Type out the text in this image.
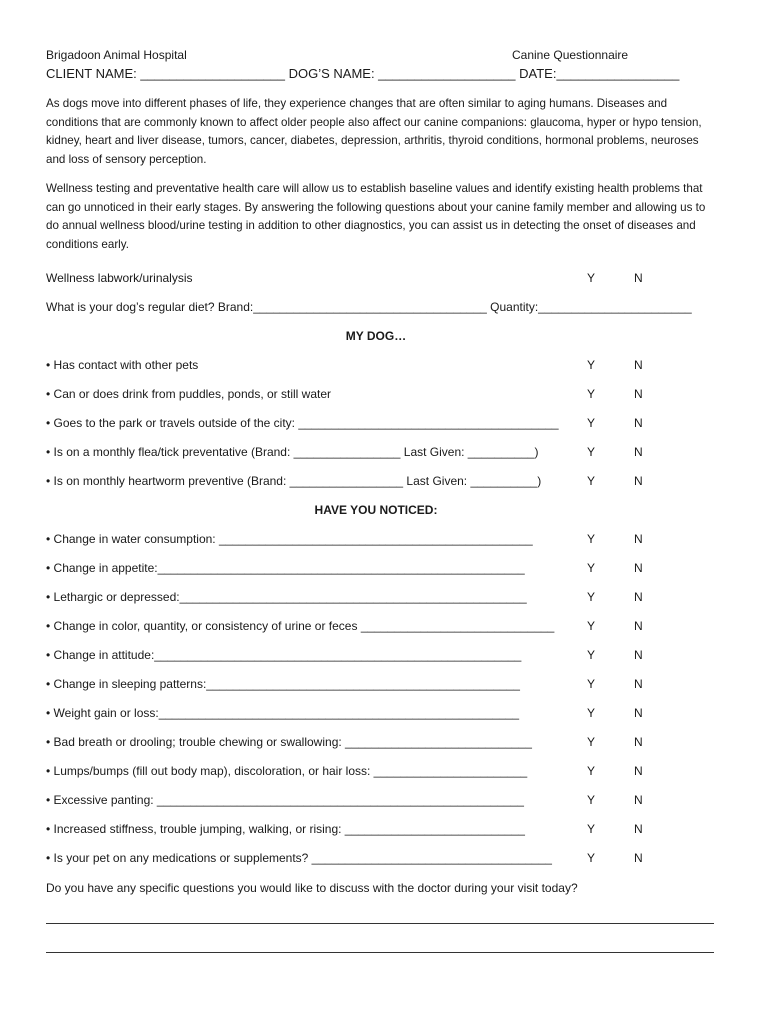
Brigadoon Animal Hospital	Canine Questionnaire
CLIENT NAME: ____________________ DOG’S NAME: ___________________ DATE:_________________

As dogs move into different phases of life, they experience changes that are often similar to aging humans. Diseases and conditions that are commonly known to affect older people also affect our canine companions: glaucoma, hyper or hypo tension, kidney, heart and liver disease, tumors, cancer, diabetes, depression, arthritis, thyroid conditions, hormonal problems, neuroses and loss of sensory perception.

Wellness testing and preventative health care will allow us to establish baseline values and identify existing health problems that can go unnoticed in their early stages. By answering the following questions about your canine family member and allowing us to do annual wellness blood/urine testing in addition to other diagnostics, you can assist us in detecting the onset of diseases and conditions early.

Wellness labwork/urinalysis	Y	N
What is your dog’s regular diet? Brand:___________________________________ Quantity:_______________________
MY DOG…
• Has contact with other pets	Y	N
• Can or does drink from puddles, ponds, or still water	Y	N
• Goes to the park or travels outside of the city: _______________________________________ Y	N
• Is on a monthly flea/tick preventative (Brand: ________________ Last Given: __________)	Y	N
• Is on monthly heartworm preventive (Brand: _________________ Last Given: __________)	Y	N
HAVE YOU NOTICED:
• Change in water consumption: _______________________________________________	Y	N
• Change in appetite:_______________________________________________________	Y	N
• Lethargic or depressed:____________________________________________________	Y	N
• Change in color, quantity, or consistency of urine or feces _____________________________	Y	N
• Change in attitude:_______________________________________________________	Y	N
• Change in sleeping patterns:_______________________________________________	Y	N
• Weight gain or loss:______________________________________________________	Y	N
• Bad breath or drooling; trouble chewing or swallowing: ____________________________	Y	N
• Lumps/bumps (fill out body map), discoloration, or hair loss: _______________________	Y	N
• Excessive panting: _______________________________________________________	Y	N
• Increased stiffness, trouble jumping, walking, or rising: ___________________________	Y	N
• Is your pet on any medications or supplements? ____________________________________	Y	N
Do you have any specific questions you would like to discuss with the doctor during your visit today?
